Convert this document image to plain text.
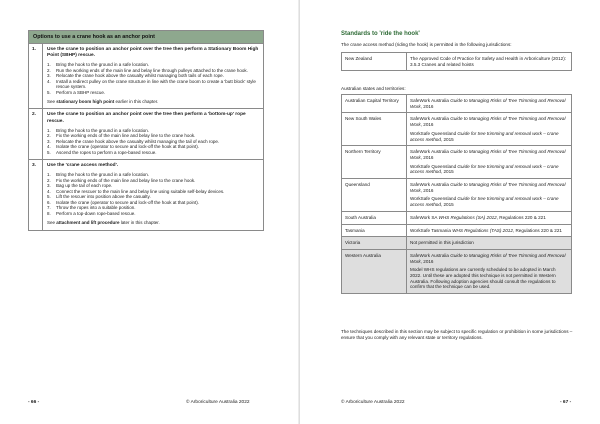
Options to use a crane hook as an anchor point
1.	Use the crane to position an anchor point over the tree then perform a Stationary Boom High Point (SBHP) rescue.
1.	Bring the hook to the ground in a safe location.
2.	Run the working ends of the main line and belay line through pulleys attached to the crane hook.
3.	Relocate the crane hook above the casualty whilst managing both tails of each rope.
4.	Install a redirect pulley on the crane structure in line with the crane boom to create a 'butt block' style rescue system.
5.	Perform a SBHP rescue.
See stationary boom high point earlier in this chapter.
2.	Use the crane to position an anchor point over the tree then perform a 'bottom-up' rope rescue.
1.	Bring the hook to the ground in a safe location.
2.	Fix the working ends of the main line and belay line to the crane hook.
3.	Relocate the crane hook above the casualty whilst managing the tail of each rope.
4.	Isolate the crane (operator to secure and lock-off the hook at that point).
5.	Ascend the ropes to perform a rope-based rescue.
3.	Use the 'crane access method'.
1.	Bring the hook to the ground in a safe location.
2.	Fix the working ends of the main line and belay line to the crane hook.
3.	Bag up the tail of each rope.
4.	Connect the rescuer to the main line and belay line using suitable self-belay devices.
5.	Lift the rescuer into position above the casualty.
6.	Isolate the crane (operator to secure and lock-off the hook at that point).
7.	Throw the ropes into a suitable position.
8.	Perform a top-down rope-based rescue.
See attachment and lift procedure later in this chapter.
- 66 -	© Arboriculture Australia 2022
Standards to 'ride the hook'
The crane access method (riding the hook) is permitted in the following jurisdictions:
New Zealand	The Approved Code of Practice for Safety and Health in Arboriculture (2012): 3.5.3 Cranes and related hoists
Australian states and territories:
Australian Capital Territory	SafeWork Australia Guide to Managing Risks of Tree Trimming and Removal Work, 2016

New South Wales	SafeWork Australia Guide to Managing Risks of Tree Trimming and Removal Work, 2016

WorkSafe Queensland Guide for tree trimming and removal work – crane access method, 2015

Northern Territory	SafeWork Australia Guide to Managing Risks of Tree Trimming and Removal Work, 2016

WorkSafe Queensland Guide for tree trimming and removal work – crane access method, 2015

Queensland	SafeWork Australia Guide to Managing Risks of Tree Trimming and Removal Work, 2016

WorkSafe Queensland Guide for tree trimming and removal work – crane access method, 2015

South Australia	SafeWork SA WHS Regulations (SA) 2012, Regulations 220 & 221

Tasmania	WorkSafe Tasmania WHS Regulations (TAS) 2012, Regulations 220 & 221

Victoria	Not permitted in this jurisdiction

Western Australia	SafeWork Australia Guide to Managing Risks of Tree Trimming and Removal Work, 2016

Model WHS regulations are currently scheduled to be adopted in March 2022. Until these are adopted this technique is not permitted in Western Australia. Following adoption agencies should consult the regulations to confirm that the technique can be used.

The techniques described in this section may be subject to specific regulation or prohibition in some jurisdictions – ensure that you comply with any relevant state or territory regulations.
© Arboriculture Australia 2022	- 67 -
